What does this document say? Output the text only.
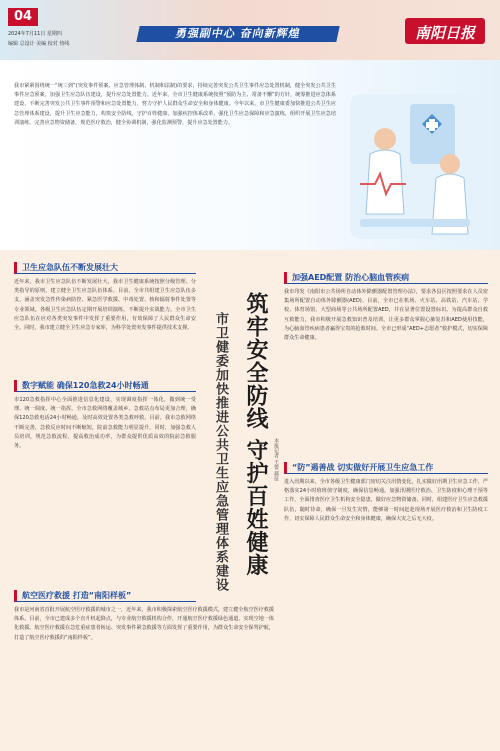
04
2024年7月11日 星期四
编辑 总设计 美编 校对 热线
勇强副中心 奋向新辉煌	南阳日报
我市紧紧围绕统一“统三到”(突发事件预案、应急管理体制、机制和法制)的要求，持续完善突发公共卫生事件应急处置机制，健全突发公共卫生事件应急预案，加强卫生应急队伍建设，提升应急处置能力。近年来，全市卫生健康系统按照“预防为主、常备不懈”的方针，统筹推进应急体系建设，不断完善突发公共卫生事件预警和应急处置能力，努力守护人民群众生命安全和身体健康。今年以来，市卫生健康委加快推进公共卫生应急管理体系建设，提升卫生应急能力，构筑安全防线，守护百姓健康，加强疾控体系改革，强化卫生应急保障和应急演练，组织开展卫生应急培训演练，完善应急物资储备，规范医疗救治，健全协调机制，强化监测预警，提升应急处置能力。
卫生应急队伍不断发展壮大
近年来，我市卫生应急队伍不断发展壮大，我市卫生健康系统按照分级管理、分类指导的原则，建立健全卫生应急队伍体系。目前，全市共组建卫生应急队伍多支，涵盖突发急性传染病防控、紧急医学救援、中毒处置、核和辐射事件处置等专业领域。各级卫生应急队伍定期开展培训演练，不断提升实战能力。全市卫生应急队伍在应对各类突发事件中发挥了重要作用，有效保障了人民群众生命安全。同时，我市建立健全卫生应急专家库，为科学处置突发事件提供技术支撑。
数字赋能 确保120急救24小时畅通
市120急救指挥中心全面推进信息化建设，实现调度指挥一体化，做到统一受理、统一调度、统一指挥。全市急救网络覆盖城乡，急救站点布局更加合理，确保120急救电话24小时畅通，及时高效处置各类急救呼救。目前，我市急救网络不断完善，急救反应时间不断缩短，院前急救能力明显提升。同时，加强急救人员培训，规范急救流程，提高救治成功率，为群众提供优质高效的院前急救服务。
航空医疗救援 打造“南阳样板”
我市是河南省首批开展航空医疗救援的城市之一，近年来，我市积极探索航空医疗救援模式，建立健全航空医疗救援体系。目前，全市已建成多个直升机起降点，与专业航空救援机构合作，开通航空医疗救援绿色通道，实现空地一体化救援。航空医疗救援在急危重症患者转运、突发事件紧急救援等方面发挥了重要作用，为群众生命安全保驾护航，打造了航空医疗救援的“南阳样板”。
筑牢安全防线 守护百姓健康
市卫健委加快推进公共卫生应急管理体系建设	本报记者 王蕾 郝征
加强AED配置 防治心脑血管疾病
我市印发《南阳市公共场所自动体外除颤器配置管理办法》，要求各县区按照要求在人员密集场所配置自动体外除颤器(AED)。目前，全市已在机场、火车站、高铁站、汽车站、学校、体育场馆、大型商场等公共场所配置AED，并在显著位置设置标识。为提高群众自救互救能力，我市积极开展急救知识普及培训，让更多群众掌握心肺复苏和AED使用技能，为心脑血管疾病患者赢得宝贵的抢救时间。全市已形成“AED+志愿者”救护模式，切实保障群众生命健康。
“防”遏善战 切实做好开展卫生应急工作
进入汛期以来，全市各级卫生健康部门密切关注汛情变化，扎实做好汛期卫生应急工作，严格落实24小时值班值守制度，确保信息畅通。加强汛期医疗救治、卫生防疫和心理干预等工作，全面排查医疗卫生机构安全隐患，做好应急物资储备。同时，组建医疗卫生应急救援队伍，随时待命，确保一旦发生灾情，能够第一时间赶赴现场开展医疗救治和卫生防疫工作，切实保障人民群众生命安全和身体健康，确保大灾之后无大疫。
